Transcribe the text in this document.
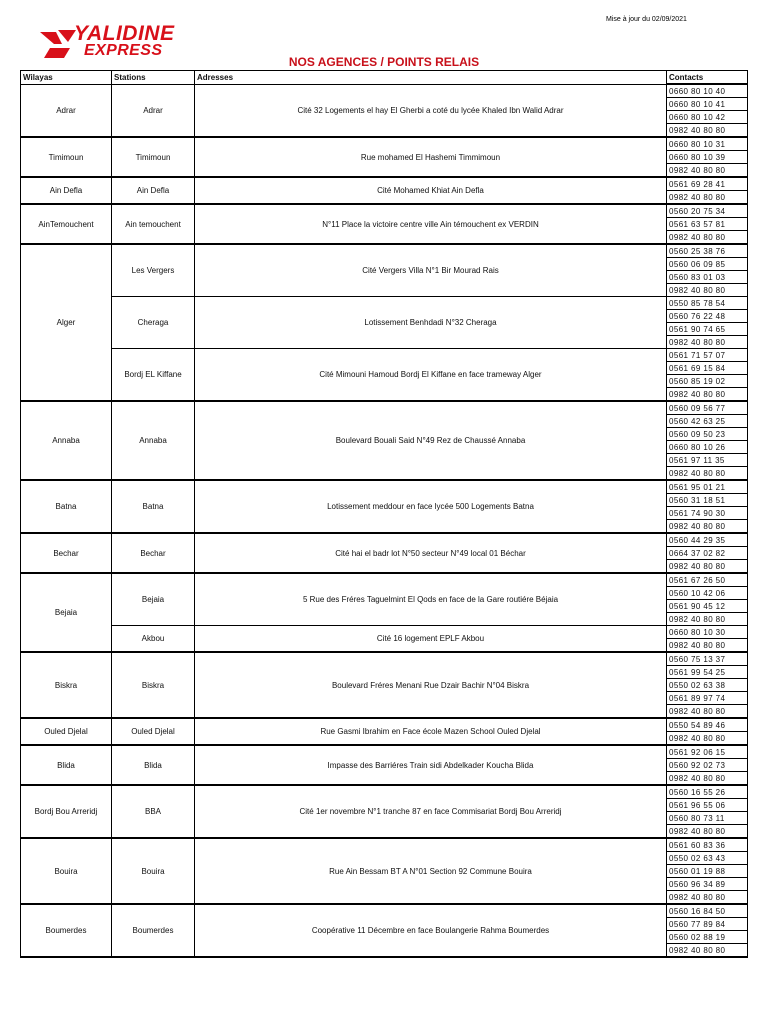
YALIDINE
EXPRESS
Mise à jour du 02/09/2021
NOS AGENCES / POINTS RELAIS
Wilayas	Stations	Adresses	Contacts
Adrar	Adrar	Cité 32 Logements el hay El Gherbi a coté du lycée Khaled Ibn Walid Adrar	0660 80 10 40
			0660 80 10 41
			0660 80 10 42
			0982 40 80 80
Timimoun	Timimoun	Rue mohamed El Hashemi Timmimoun	0660 80 10 31
			0660 80 10 39
			0982 40 80 80
Ain Defla	Ain Defla	Cité Mohamed Khiat Ain Defla	0561 69 28 41
			0982 40 80 80
AinTemouchent	Ain temouchent	N°11 Place la victoire centre ville Ain témouchent ex VERDIN	0560 20 75 34
			0561 63 57 81
			0982 40 80 80
Alger	Les Vergers	Cité Vergers Villa N°1 Bir Mourad Rais	0560 25 38 76
			0560 06 09 85
			0560 83 01 03
			0982 40 80 80
	Cheraga	Lotissement Benhdadi N°32 Cheraga	0550 85 78 54
			0560 76 22 48
			0561 90 74 65
			0982 40 80 80
	Bordj EL Kiffane	Cité Mimouni Hamoud Bordj El Kiffane en face trameway Alger	0561 71 57 07
			0561 69 15 84
			0560 85 19 02
			0982 40 80 80
Annaba	Annaba	Boulevard Bouali Said N°49 Rez de Chaussé Annaba	0560 09 56 77
			0560 42 63 25
			0560 09 50 23
			0660 80 10 26
			0561 97 11 35
			0982 40 80 80
Batna	Batna	Lotissement meddour en face lycée 500 Logements Batna	0561 95 01 21
			0560 31 18 51
			0561 74 90 30
			0982 40 80 80
Bechar	Bechar	Cité hai el badr lot N°50 secteur N°49 local 01 Béchar	0560 44 29 35
			0664 37 02 82
			0982 40 80 80
Bejaia	Bejaia	5 Rue des Fréres Taguelmint El Qods en face de la Gare routiére Béjaia	0561 67 26 50
			0560 10 42 06
			0561 90 45 12
			0982 40 80 80
	Akbou	Cité 16 logement EPLF Akbou	0660 80 10 30
			0982 40 80 80
Biskra	Biskra	Boulevard Fréres Menani Rue Dzair Bachir N°04 Biskra	0560 75 13 37
			0561 99 54 25
			0550 02 63 38
			0561 89 97 74
			0982 40 80 80
Ouled Djelal	Ouled Djelal	Rue Gasmi Ibrahim en Face école Mazen School Ouled Djelal	0550 54 89 46
			0982 40 80 80
Blida	Blida	Impasse des Barriéres Train sidi Abdelkader Koucha Blida	0561 92 06 15
			0560 92 02 73
			0982 40 80 80
Bordj Bou Arreridj	BBA	Cité 1er novembre N°1 tranche 87 en face Commisariat Bordj Bou Arreridj	0560 16 55 26
			0561 96 55 06
			0560 80 73 11
			0982 40 80 80
Bouira	Bouira	Rue Ain Bessam BT A N°01 Section 92 Commune Bouira	0561 60 83 36
			0550 02 63 43
			0560 01 19 88
			0560 96 34 89
			0982 40 80 80
Boumerdes	Boumerdes	Coopérative 11 Décembre en face Boulangerie Rahma Boumerdes	0560 16 84 50
			0560 77 89 84
			0560 02 88 19
			0982 40 80 80
